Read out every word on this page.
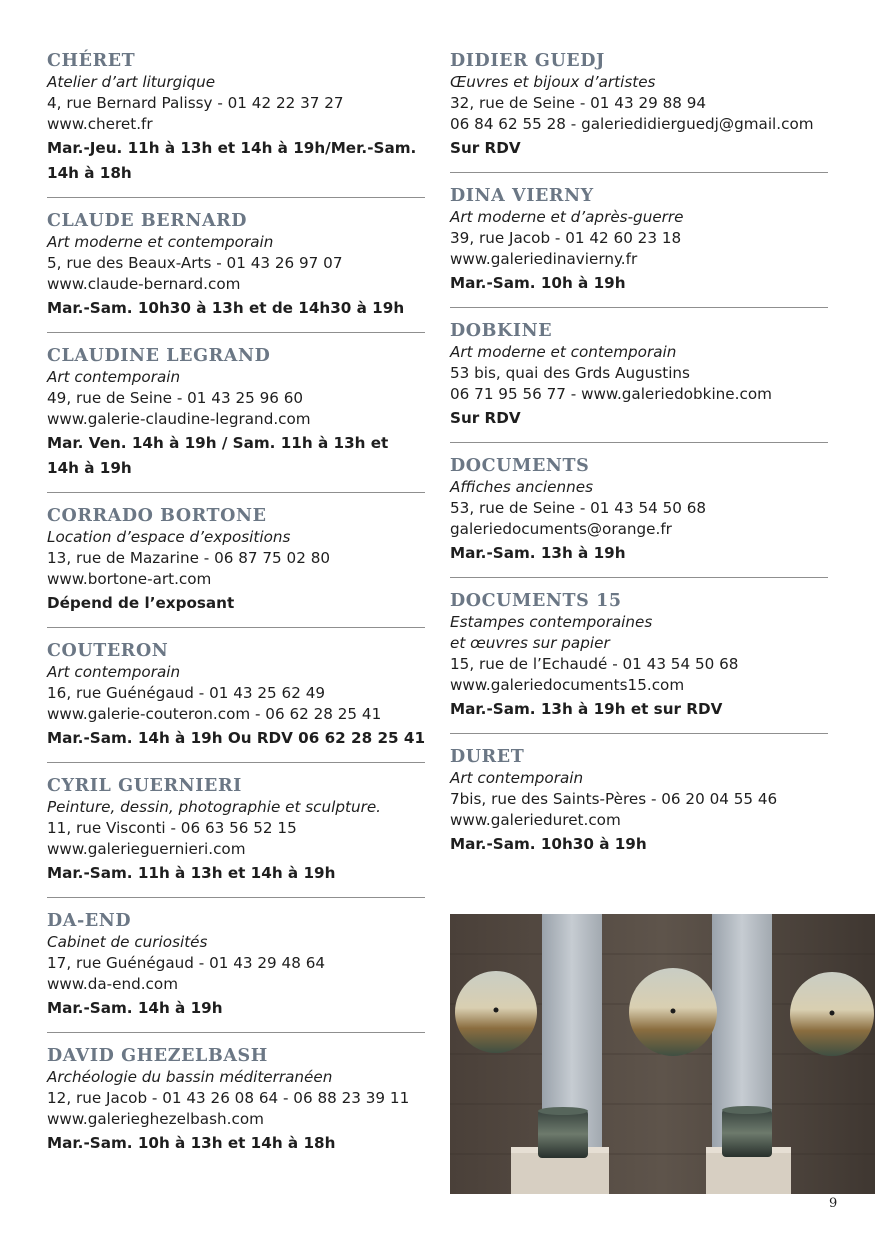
CHÉRET
Atelier d’art liturgique
4, rue Bernard Palissy - 01 42 22 37 27
www.cheret.fr
Mar.-Jeu. 11h à 13h et 14h à 19h/Mer.-Sam. 14h à 18h
CLAUDE BERNARD
Art moderne et contemporain
5, rue des Beaux-Arts - 01 43 26 97 07
www.claude-bernard.com
Mar.-Sam. 10h30 à 13h et de 14h30 à 19h
CLAUDINE LEGRAND
Art contemporain
49, rue de Seine - 01 43 25 96 60
www.galerie-claudine-legrand.com
Mar. Ven. 14h à 19h / Sam. 11h à 13h et 14h à 19h
CORRADO BORTONE
Location d’espace d’expositions
13, rue de Mazarine - 06 87 75 02 80
www.bortone-art.com
Dépend de l’exposant
COUTERON
Art contemporain
16, rue Guénégaud - 01 43 25 62 49
www.galerie-couteron.com - 06 62 28 25 41
Mar.-Sam. 14h à 19h Ou RDV 06 62 28 25 41
CYRIL GUERNIERI
Peinture, dessin, photographie et sculpture.
11, rue Visconti - 06 63 56 52 15
www.galerieguernieri.com
Mar.-Sam. 11h à 13h et 14h à 19h
DA-END
Cabinet de curiosités
17, rue Guénégaud - 01 43 29 48 64
www.da-end.com
Mar.-Sam. 14h à 19h
DAVID GHEZELBASH
Archéologie du bassin méditerranéen
12, rue Jacob - 01 43 26 08 64 - 06 88 23 39 11
www.galerieghezelbash.com
Mar.-Sam. 10h à 13h et 14h à 18h
DIDIER GUEDJ
Œuvres et bijoux d’artistes
32, rue de Seine - 01 43 29 88 94
06 84 62 55 28 - galeriedidierguedj@gmail.com
Sur RDV
DINA VIERNY
Art moderne et d’après-guerre
39, rue Jacob - 01 42 60 23 18
www.galeriedinavierny.fr
Mar.-Sam. 10h à 19h
DOBKINE
Art moderne et contemporain
53 bis, quai des Grds Augustins
06 71 95 56 77 - www.galeriedobkine.com
Sur RDV
DOCUMENTS
Affiches anciennes
53, rue de Seine - 01 43 54 50 68
galeriedocuments@orange.fr
Mar.-Sam. 13h à 19h
DOCUMENTS 15
Estampes contemporaines
et œuvres sur papier
15, rue de l’Echaudé - 01 43 54 50 68
www.galeriedocuments15.com
Mar.-Sam. 13h à 19h et sur RDV
DURET
Art contemporain
7bis, rue des Saints-Pères - 06 20 04 55 46
www.galerieduret.com
Mar.-Sam. 10h30 à 19h
9
